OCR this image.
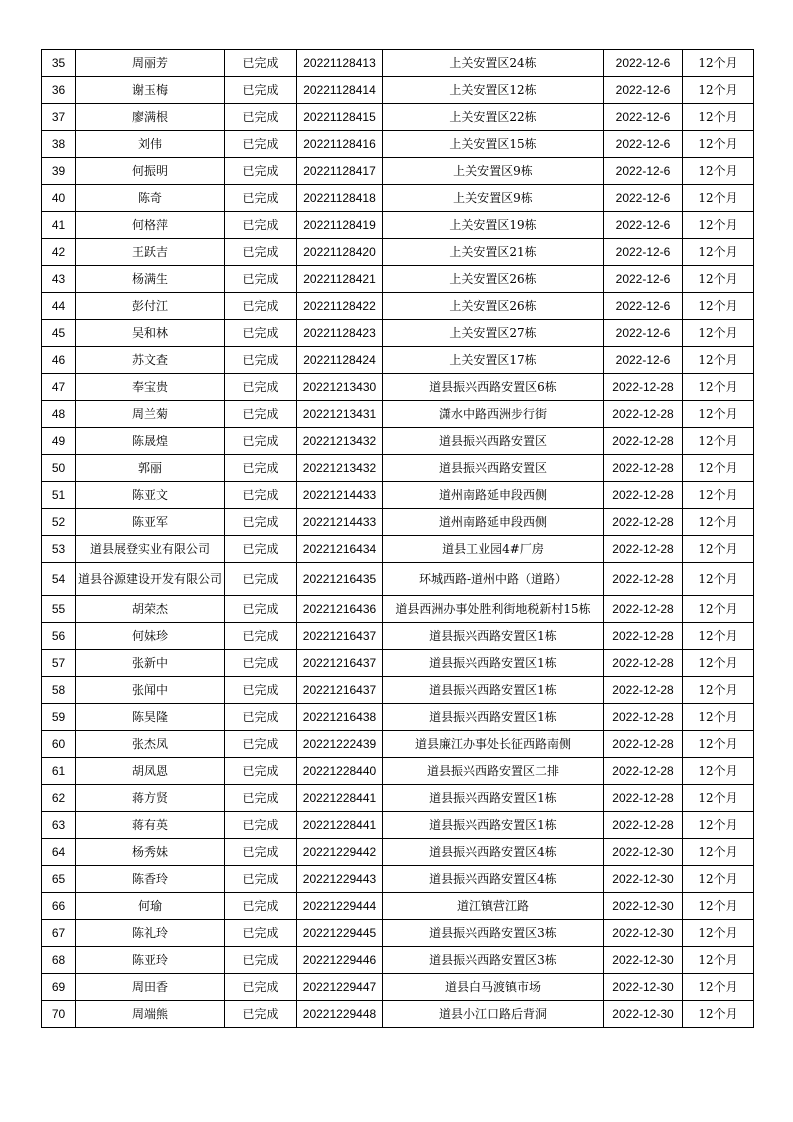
35	周丽芳	已完成	20221128413	上关安置区24栋	2022-12-6	12个月
36	谢玉梅	已完成	20221128414	上关安置区12栋	2022-12-6	12个月
37	廖满根	已完成	20221128415	上关安置区22栋	2022-12-6	12个月
38	刘伟	已完成	20221128416	上关安置区15栋	2022-12-6	12个月
39	何振明	已完成	20221128417	上关安置区9栋	2022-12-6	12个月
40	陈奇	已完成	20221128418	上关安置区9栋	2022-12-6	12个月
41	何格萍	已完成	20221128419	上关安置区19栋	2022-12-6	12个月
42	王跃吉	已完成	20221128420	上关安置区21栋	2022-12-6	12个月
43	杨满生	已完成	20221128421	上关安置区26栋	2022-12-6	12个月
44	彭付江	已完成	20221128422	上关安置区26栋	2022-12-6	12个月
45	吴和林	已完成	20221128423	上关安置区27栋	2022-12-6	12个月
46	苏文查	已完成	20221128424	上关安置区17栋	2022-12-6	12个月
47	奉宝贵	已完成	20221213430	道县振兴西路安置区6栋	2022-12-28	12个月
48	周兰菊	已完成	20221213431	潇水中路西洲步行街	2022-12-28	12个月
49	陈晟煌	已完成	20221213432	道县振兴西路安置区	2022-12-28	12个月
50	郭丽	已完成	20221213432	道县振兴西路安置区	2022-12-28	12个月
51	陈亚文	已完成	20221214433	道州南路延申段西侧	2022-12-28	12个月
52	陈亚军	已完成	20221214433	道州南路延申段西侧	2022-12-28	12个月
53	道县展登实业有限公司	已完成	20221216434	道县工业园4#厂房	2022-12-28	12个月
54	道县谷源建设开发有限公司	已完成	20221216435	环城西路-道州中路（道路）	2022-12-28	12个月
55	胡荣杰	已完成	20221216436	道县西洲办事处胜利街地税新村15栋	2022-12-28	12个月
56	何妹珍	已完成	20221216437	道县振兴西路安置区1栋	2022-12-28	12个月
57	张新中	已完成	20221216437	道县振兴西路安置区1栋	2022-12-28	12个月
58	张闻中	已完成	20221216437	道县振兴西路安置区1栋	2022-12-28	12个月
59	陈昊隆	已完成	20221216438	道县振兴西路安置区1栋	2022-12-28	12个月
60	张杰凤	已完成	20221222439	道县廉江办事处长征西路南侧	2022-12-28	12个月
61	胡凤恩	已完成	20221228440	道县振兴西路安置区二排	2022-12-28	12个月
62	蒋方贤	已完成	20221228441	道县振兴西路安置区1栋	2022-12-28	12个月
63	蒋有英	已完成	20221228441	道县振兴西路安置区1栋	2022-12-28	12个月
64	杨秀妹	已完成	20221229442	道县振兴西路安置区4栋	2022-12-30	12个月
65	陈香玲	已完成	20221229443	道县振兴西路安置区4栋	2022-12-30	12个月
66	何瑜	已完成	20221229444	道江镇营江路	2022-12-30	12个月
67	陈礼玲	已完成	20221229445	道县振兴西路安置区3栋	2022-12-30	12个月
68	陈亚玲	已完成	20221229446	道县振兴西路安置区3栋	2022-12-30	12个月
69	周田香	已完成	20221229447	道县白马渡镇市场	2022-12-30	12个月
70	周端熊	已完成	20221229448	道县小江口路后背洞	2022-12-30	12个月
